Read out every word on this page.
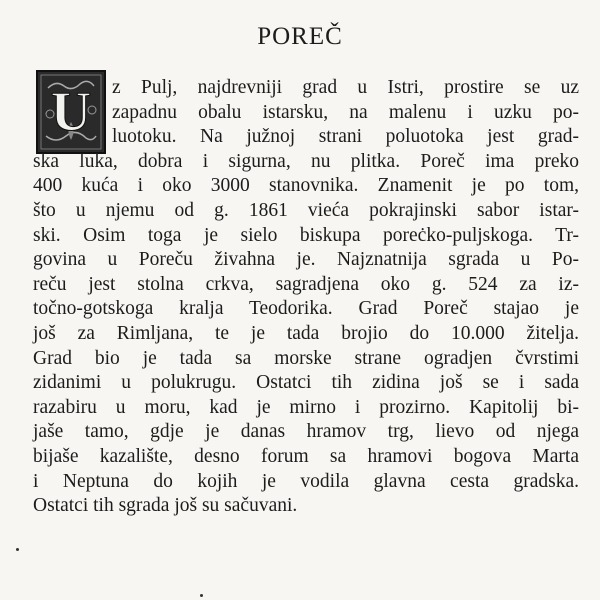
POREČ
U z Pulj, najdrevniji grad u Istri, prostire se uz
zapadnu obalu istarsku, na malenu i uzku po-
luotoku. Na južnoj strani poluotoka jest grad-
ska luka, dobra i sigurna, nu plitka. Poreč ima preko
400 kuća i oko 3000 stanovnika. Znamenit je po tom,
što u njemu od g. 1861 vieća pokrajinski sabor istar-
ski. Osim toga je sielo biskupa poreċko-puljskoga. Tr-
govina u Poreču živahna je. Najznatnija sgrada u Po-
reču jest stolna crkva, sagradjena oko g. 524 za iz-
točno-gotskoga kralja Teodorika. Grad Poreč stajao je
još za Rimljana, te je tada brojio do 10.000 žitelja.
Grad bio je tada sa morske strane ogradjen čvrstimi
zidanimi u polukrugu. Ostatci tih zidina još se i sada
razabiru u moru, kad je mirno i prozirno. Kapitolij bi-
jaše tamo, gdje je danas hramov trg, lievo od njega
bijaše kazalište, desno forum sa hramovi bogova Marta
i Neptuna do kojih je vodila glavna cesta gradska.
Ostatci tih sgrada još su sačuvani.
